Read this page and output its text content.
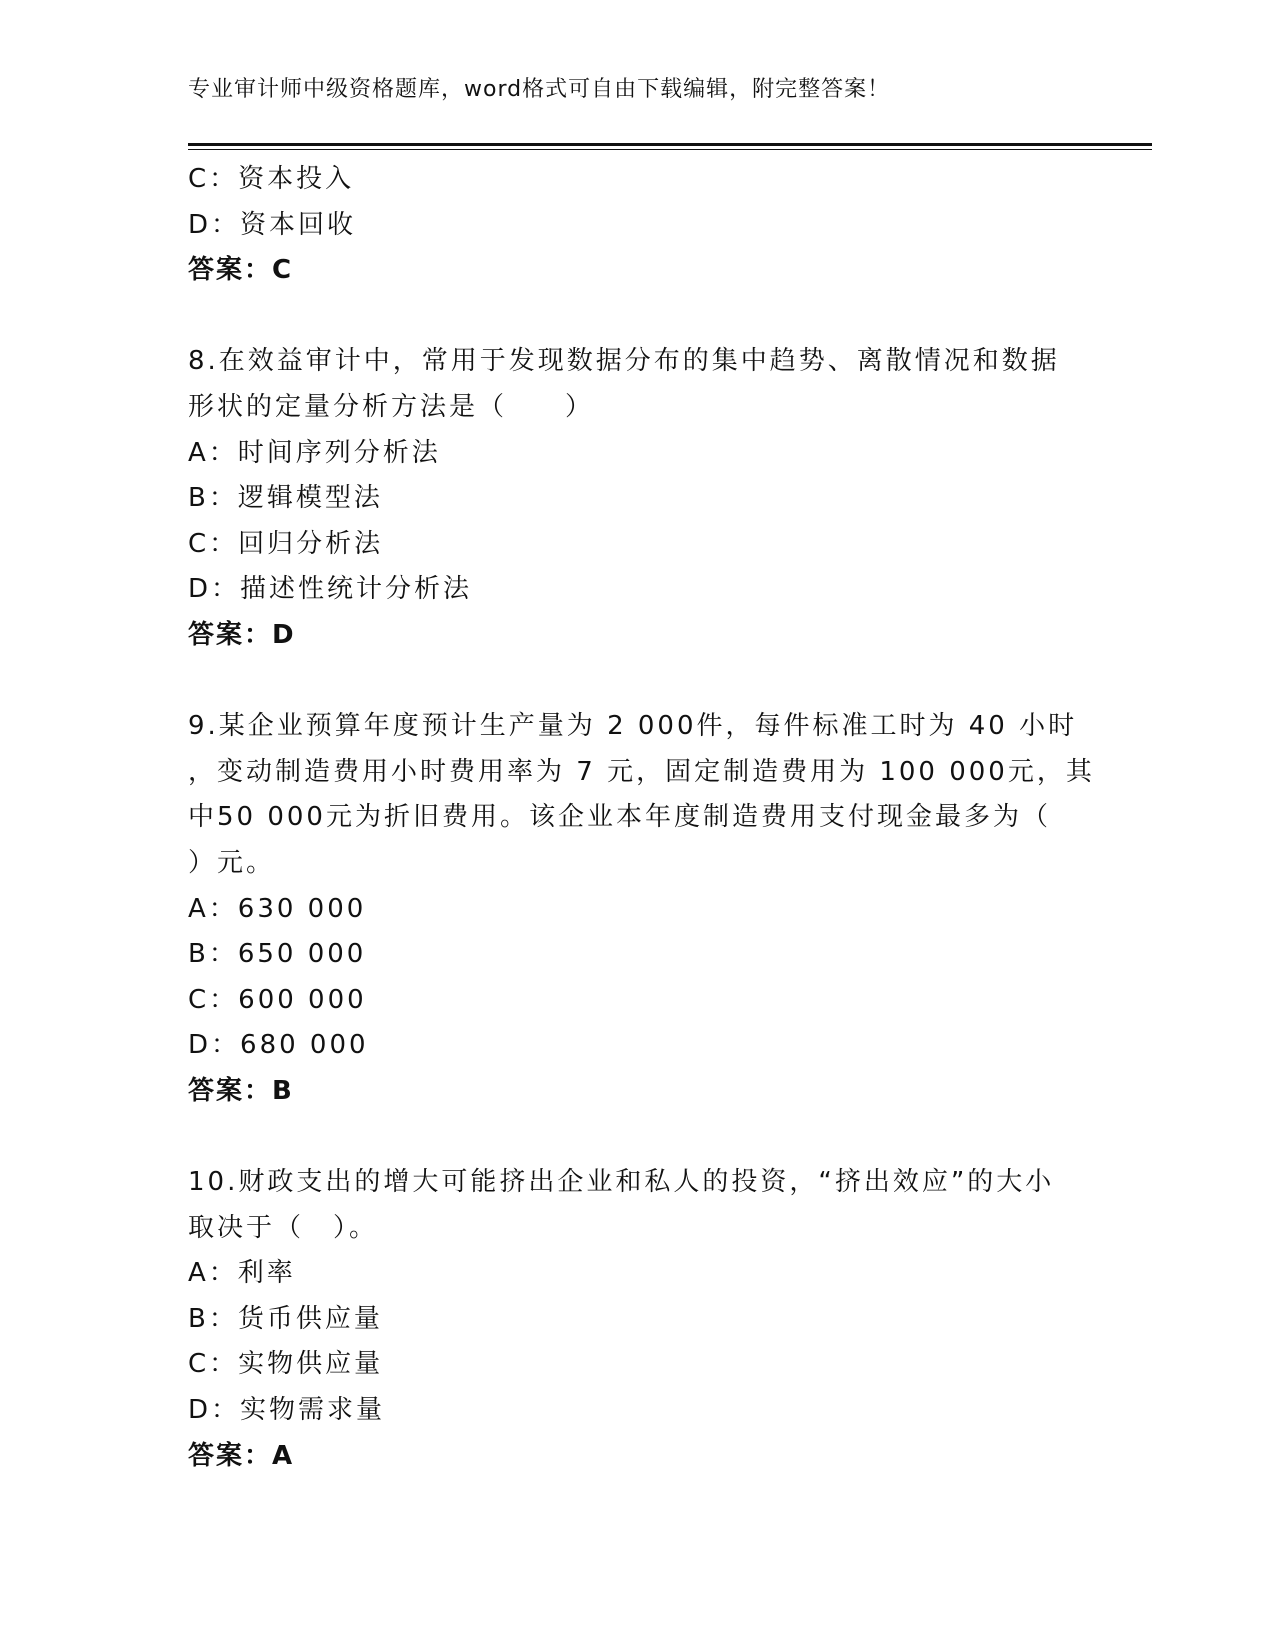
专业审计师中级资格题库，word格式可自由下载编辑，附完整答案！
C：资本投入
D：资本回收
答案：C
8.在效益审计中，常用于发现数据分布的集中趋势、离散情况和数据
形状的定量分析方法是（　　）
A：时间序列分析法
B：逻辑模型法
C：回归分析法
D：描述性统计分析法
答案：D
9.某企业预算年度预计生产量为 2 000件，每件标准工时为 40 小时
，变动制造费用小时费用率为 7 元，固定制造费用为 100 000元，其
中50 000元为折旧费用。该企业本年度制造费用支付现金最多为（
）元。
A：630 000
B：650 000
C：600 000
D：680 000
答案：B
10.财政支出的增大可能挤出企业和私人的投资，“挤出效应”的大小
取决于（　）。
A：利率
B：货币供应量
C：实物供应量
D：实物需求量
答案：A
